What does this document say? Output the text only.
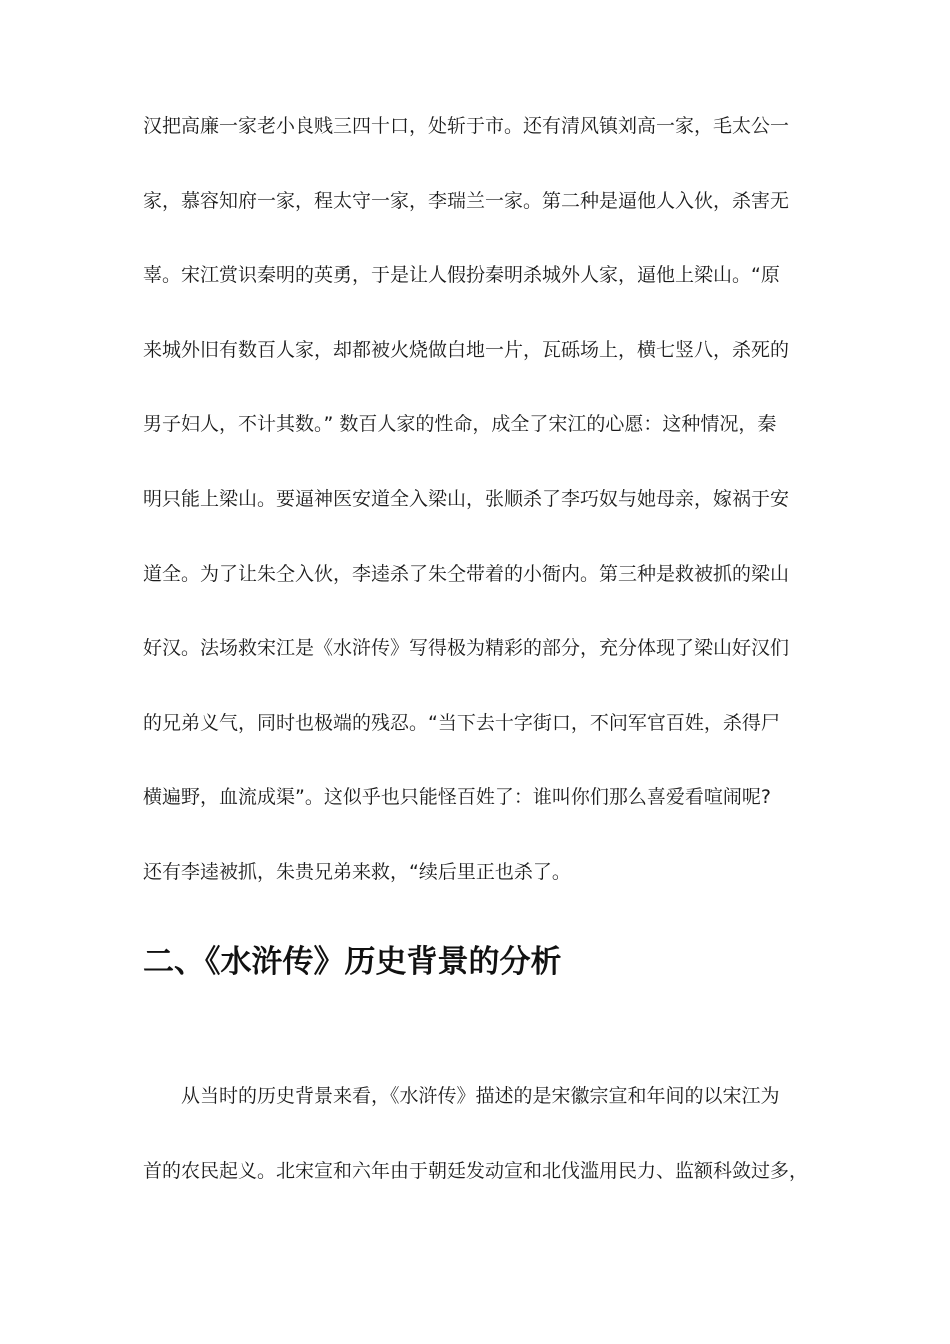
汉把高廉一家老小良贱三四十口，处斩于市。还有清风镇刘高一家，毛太公一
家，慕容知府一家，程太守一家，李瑞兰一家。第二种是逼他人入伙，杀害无
辜。宋江赏识秦明的英勇，于是让人假扮秦明杀城外人家，逼他上梁山。“原
来城外旧有数百人家，却都被火烧做白地一片，瓦砾场上，横七竖八，杀死的
男子妇人，不计其数。” 数百人家的性命，成全了宋江的心愿：这种情况，秦
明只能上梁山。要逼神医安道全入梁山，张顺杀了李巧奴与她母亲，嫁祸于安
道全。为了让朱仝入伙，李逵杀了朱仝带着的小衙内。第三种是救被抓的梁山
好汉。法场救宋江是《水浒传》写得极为精彩的部分，充分体现了梁山好汉们
的兄弟义气，同时也极端的残忍。“当下去十字街口，不问军官百姓，杀得尸
横遍野，血流成渠”。这似乎也只能怪百姓了：谁叫你们那么喜爱看喧闹呢?
还有李逵被抓，朱贵兄弟来救，“续后里正也杀了。
二、《水浒传》历史背景的分析
从当时的历史背景来看，《水浒传》描述的是宋徽宗宣和年间的以宋江为
首的农民起义。北宋宣和六年由于朝廷发动宣和北伐滥用民力、监额科敛过多，
